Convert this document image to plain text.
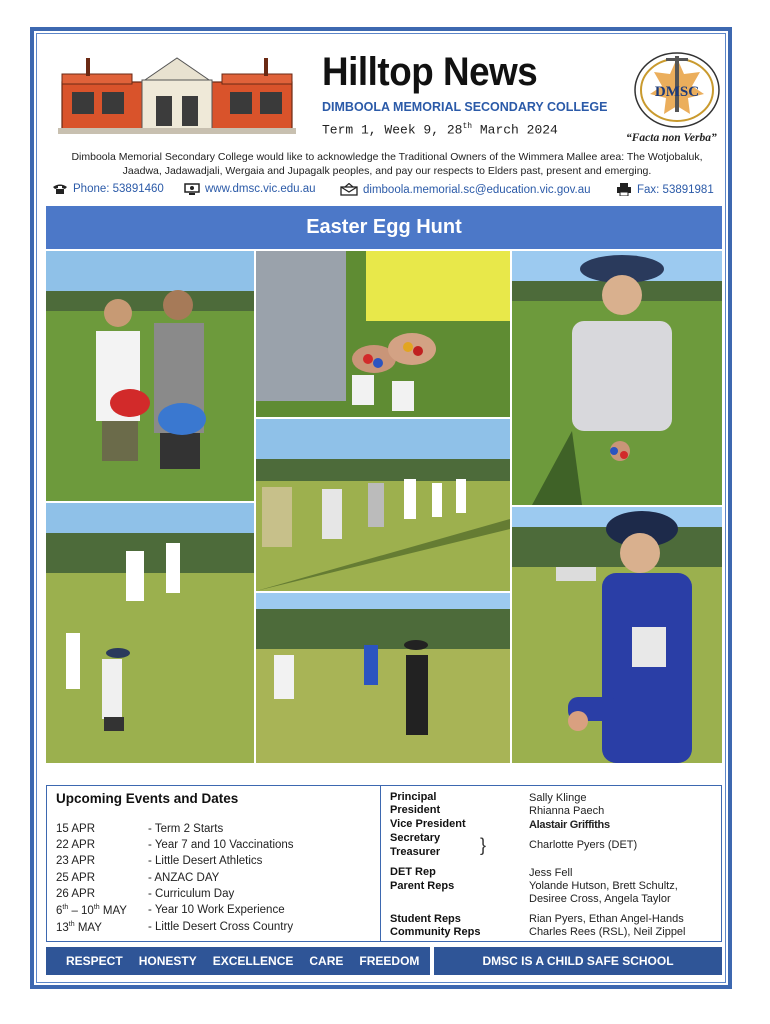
Hilltop News
DIMBOOLA MEMORIAL SECONDARY COLLEGE
Term 1, Week 9, 28th March 2024
DMSC
“Facta non Verba”
Dimboola Memorial Secondary College would like to acknowledge the Traditional Owners of the Wimmera Mallee area: The Wotjobaluk, Jaadwa, Jadawadjali, Wergaia and Jupagalk peoples, and pay our respects to Elders past, present and emerging.
Phone: 53891460	www.dmsc.vic.edu.au	dimboola.memorial.sc@education.vic.gov.au	Fax: 53891981
Easter Egg Hunt
Upcoming Events and Dates
15 APR	- Term 2 Starts
22 APR	- Year 7 and 10 Vaccinations
23 APR	- Little Desert Athletics
25 APR	- ANZAC DAY
26 APR	- Curriculum Day
6th – 10th MAY - Year 10 Work Experience
13th MAY	- Little Desert Cross Country
Principal	Sally Klinge
President	Rhianna Paech
Vice President	Alastair Griffiths
Secretary
Treasurer }	Charlotte Pyers (DET)
DET Rep	Jess Fell
Parent Reps	Yolande Hutson, Brett Schultz,
Desiree Cross, Angela Taylor
Student Reps	Rian Pyers, Ethan Angel-Hands
Community Reps	Charles Rees (RSL), Neil Zippel
RESPECT HONESTY EXCELLENCE CARE FREEDOM	DMSC IS A CHILD SAFE SCHOOL
